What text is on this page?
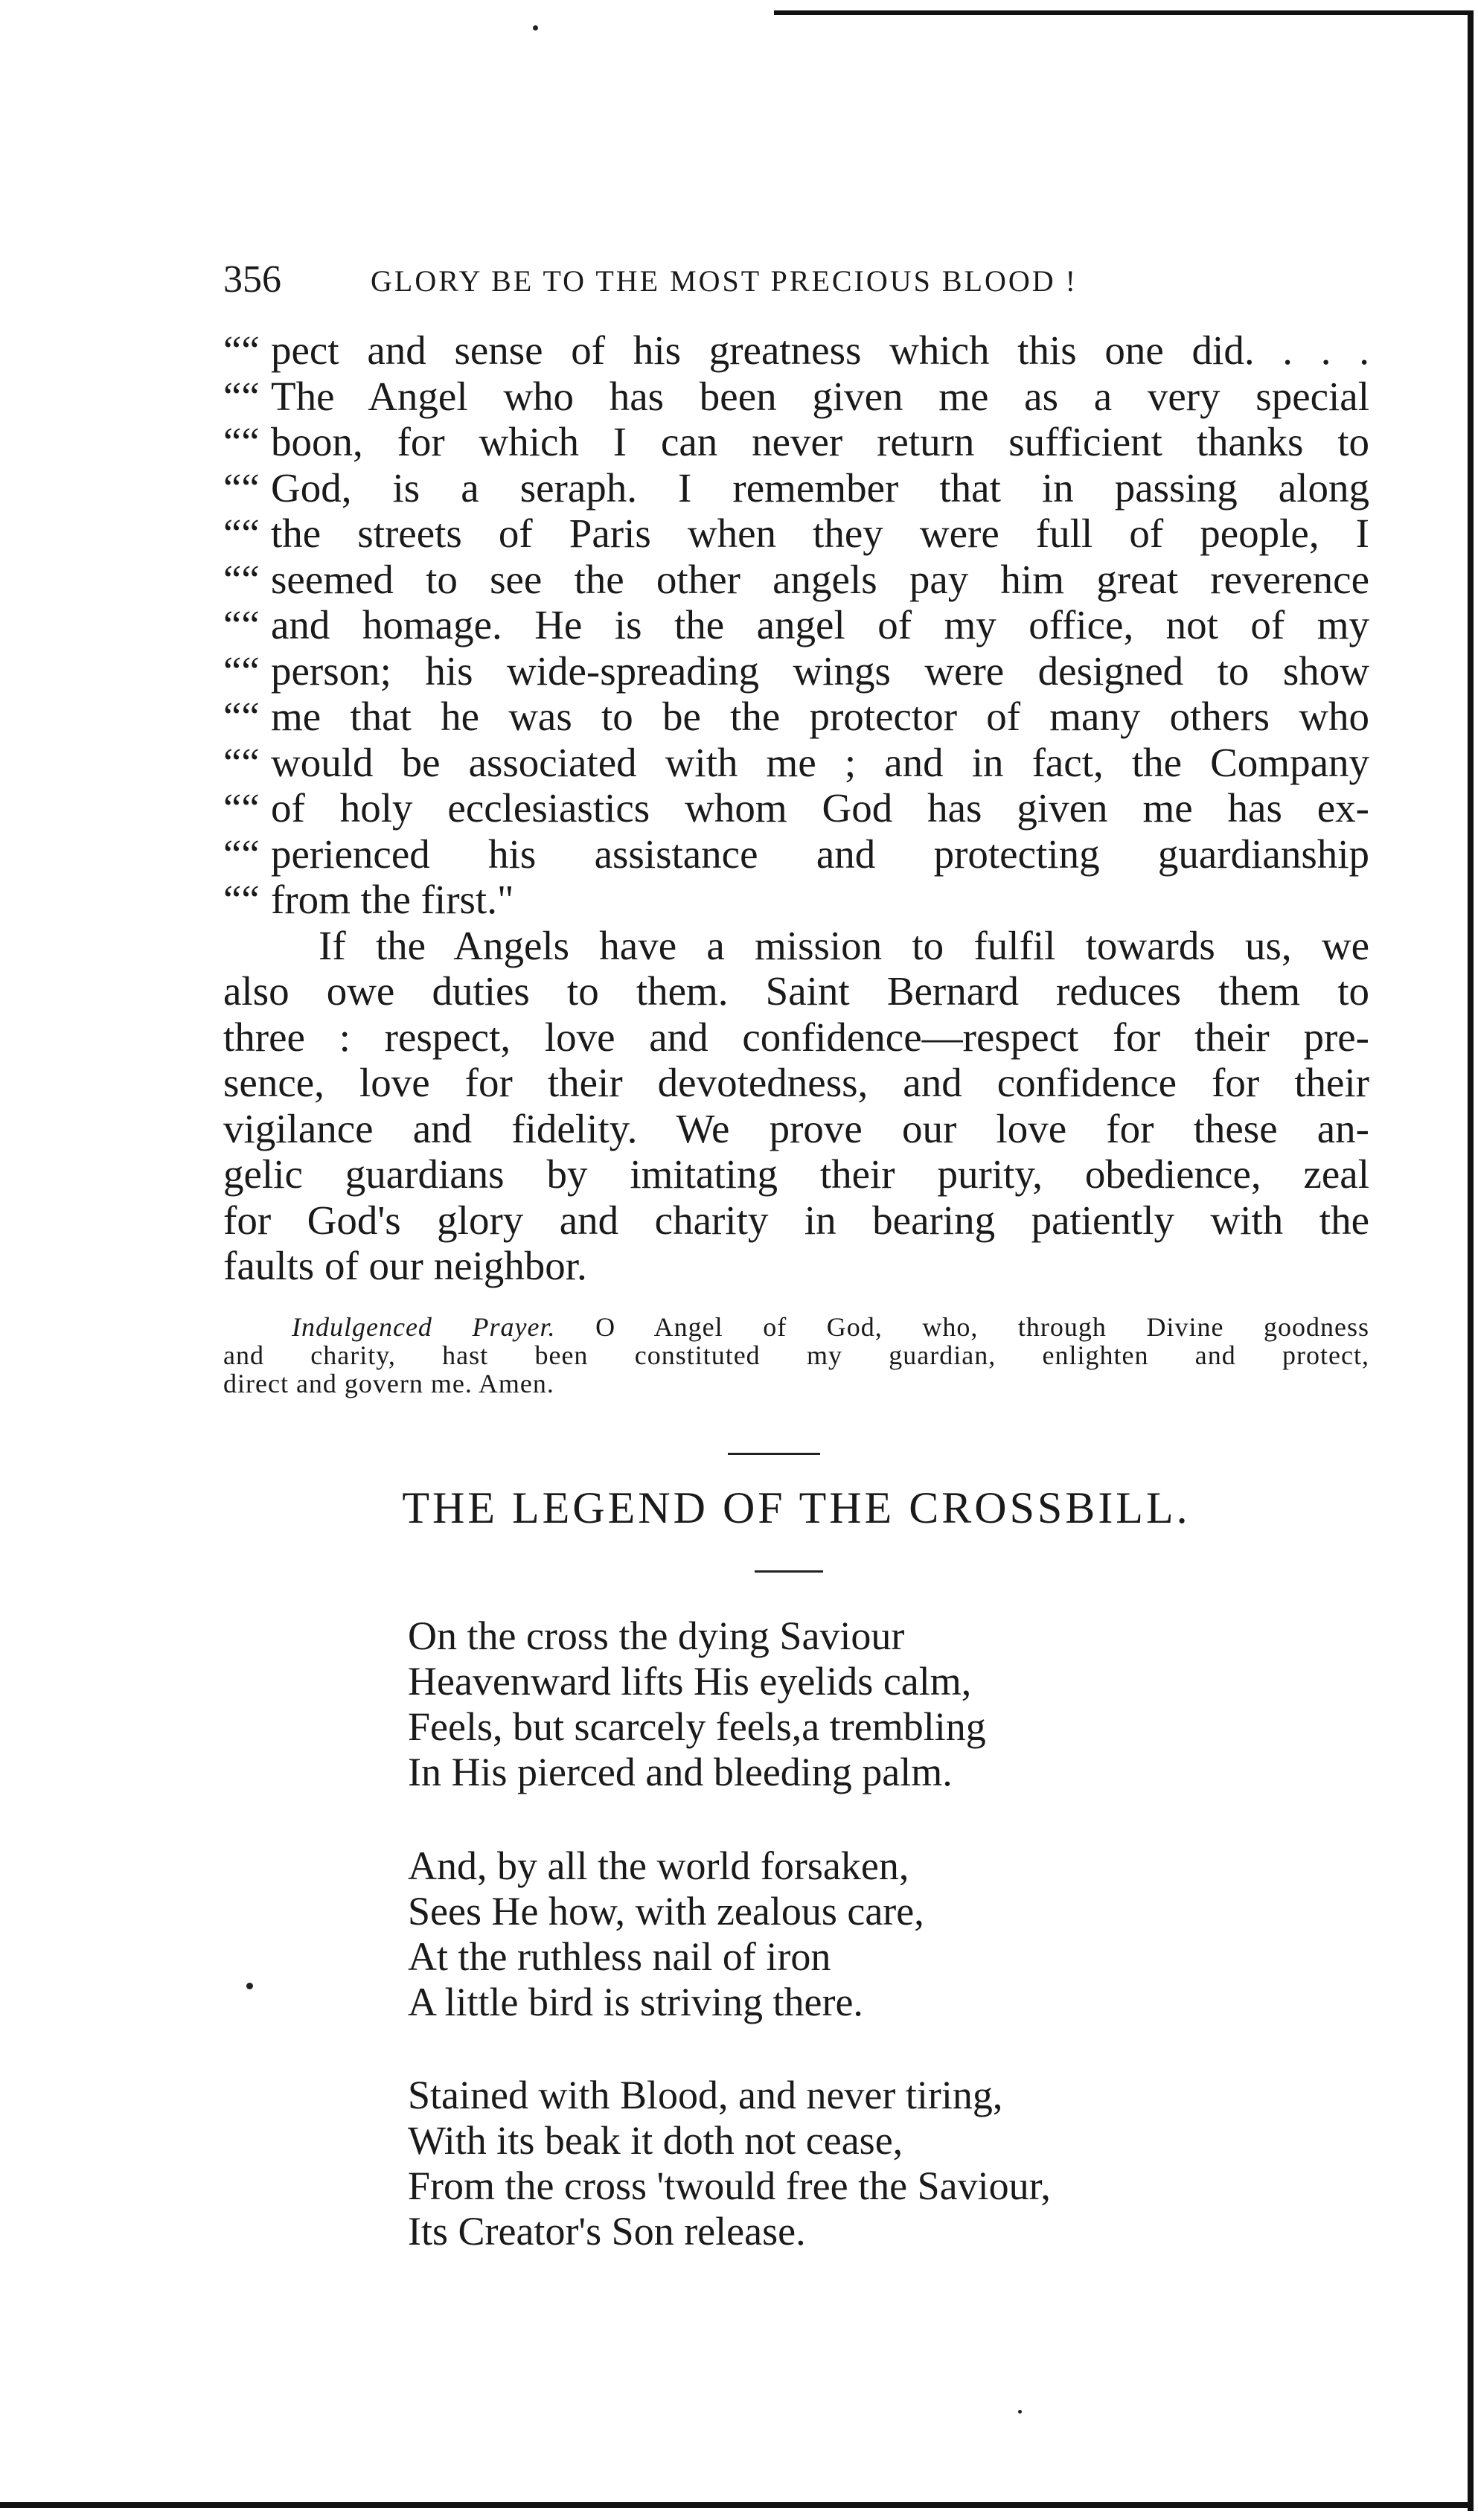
356	GLORY BE TO THE MOST PRECIOUS BLOOD !
““ pect and sense of his greatness which this one did. . . .
““ The Angel who has been given me as a very special
““ boon, for which I can never return sufficient thanks to
““ God, is a seraph. I remember that in passing along
““ the streets of Paris when they were full of people, I
““ seemed to see the other angels pay him great reverence
““ and homage. He is the angel of my office, not of my
““ person; his wide-spreading wings were designed to show
““ me that he was to be the protector of many others who
““ would be associated with me ; and in fact, the Company
““ of holy ecclesiastics whom God has given me has ex-
““ perienced his assistance and protecting guardianship
““ from the first."
If the Angels have a mission to fulfil towards us, we
also owe duties to them. Saint Bernard reduces them to
three : respect, love and confidence—respect for their pre-
sence, love for their devotedness, and confidence for their
vigilance and fidelity. We prove our love for these an-
gelic guardians by imitating their purity, obedience, zeal
for God's glory and charity in bearing patiently with the
faults of our neighbor.
Indulgenced Prayer. O Angel of God, who, through Divine goodness
and charity, hast been constituted my guardian, enlighten and protect,
direct and govern me. Amen.
THE LEGEND OF THE CROSSBILL.
On the cross the dying Saviour
Heavenward lifts His eyelids calm,
Feels, but scarcely feels,a trembling
In His pierced and bleeding palm.
And, by all the world forsaken,
Sees He how, with zealous care,
At the ruthless nail of iron
A little bird is striving there.
Stained with Blood, and never tiring,
With its beak it doth not cease,
From the cross 'twould free the Saviour,
Its Creator's Son release.
